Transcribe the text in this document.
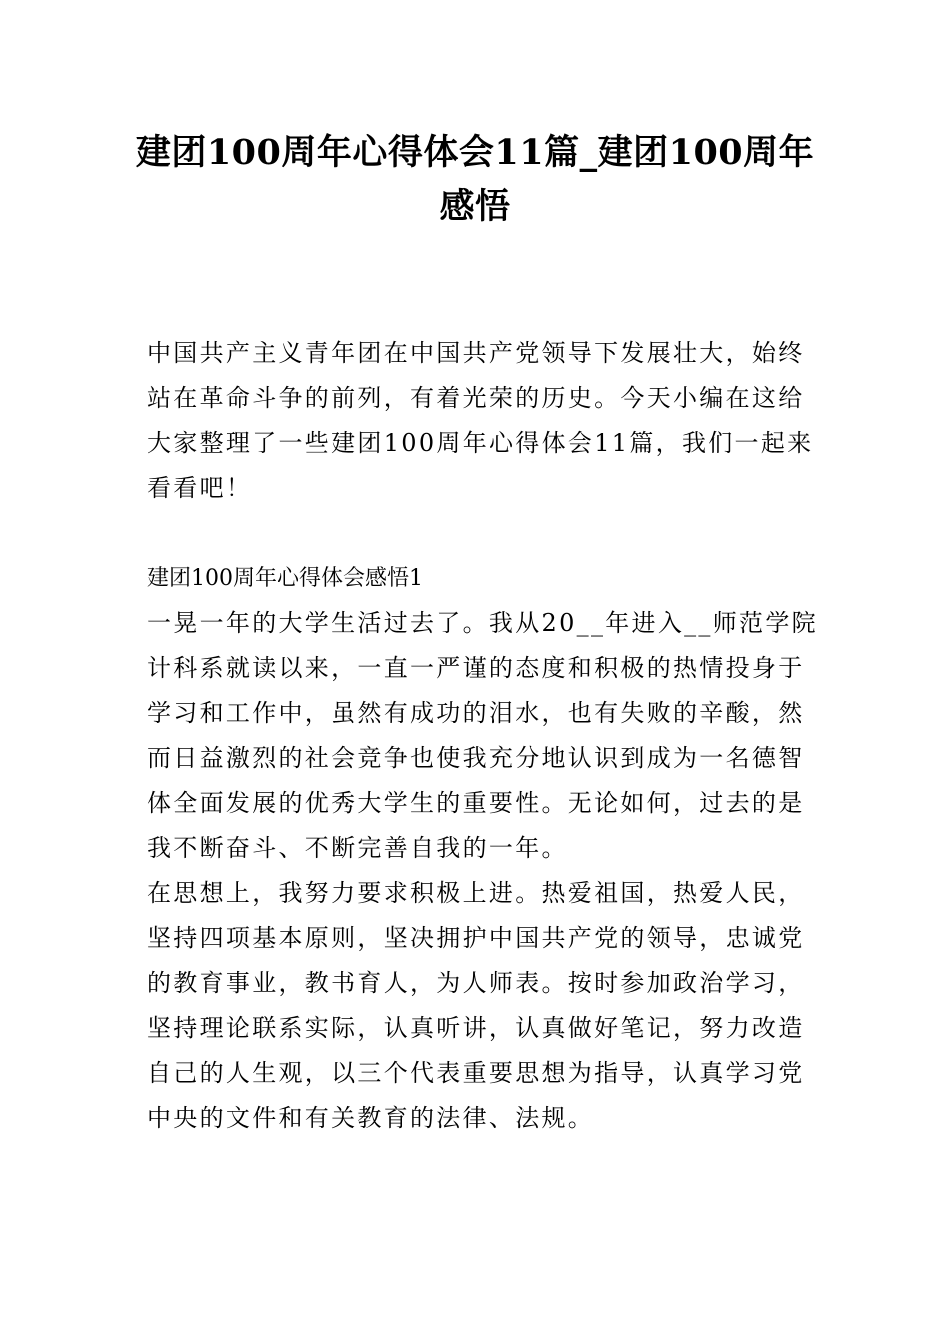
建团100周年心得体会11篇_建团100周年
感悟
中国共产主义青年团在中国共产党领导下发展壮大，始终
站在革命斗争的前列，有着光荣的历史。今天小编在这给
大家整理了一些建团100周年心得体会11篇，我们一起来
看看吧！
建团100周年心得体会感悟1
一晃一年的大学生活过去了。我从20__年进入__师范学院
计科系就读以来，一直一严谨的态度和积极的热情投身于
学习和工作中，虽然有成功的泪水，也有失败的辛酸，然
而日益激烈的社会竞争也使我充分地认识到成为一名德智
体全面发展的优秀大学生的重要性。无论如何，过去的是
我不断奋斗、不断完善自我的一年。
在思想上，我努力要求积极上进。热爱祖国，热爱人民，
坚持四项基本原则，坚决拥护中国共产党的领导，忠诚党
的教育事业，教书育人，为人师表。按时参加政治学习，
坚持理论联系实际，认真听讲，认真做好笔记，努力改造
自己的人生观，以三个代表重要思想为指导，认真学习党
中央的文件和有关教育的法律、法规。
